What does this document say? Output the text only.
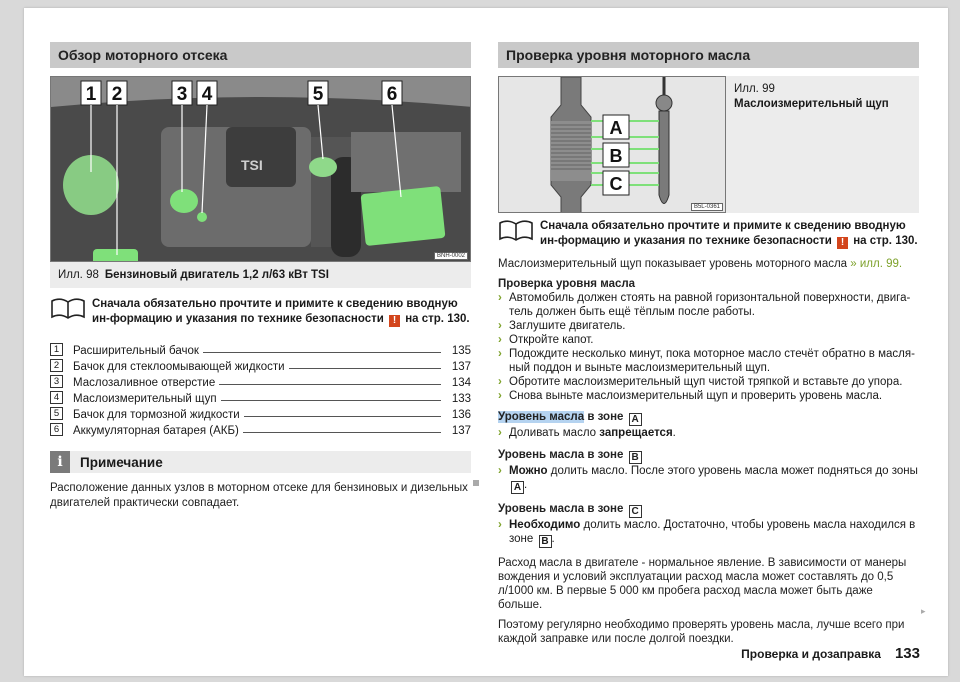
Обзор моторного отсека
TSI
1 2	3 4	5	6
BNH-0002
Илл. 98 Бензиновый двигатель 1,2 л/63 кВт TSI
Сначала обязательно прочтите и примите к сведению вводную ин-формацию и указания по технике безопасности ! на стр. 130.
1	Расширительный бачок	135
2	Бачок для стеклоомывающей жидкости	137
3	Маслозаливное отверстие	134
4	Маслоизмерительный щуп	133
5	Бачок для тормозной жидкости	136
6	Аккумуляторная батарея (АКБ)	137
i	Примечание
Расположение данных узлов в моторном отсеке для бензиновых и дизельных двигателей практически совпадает.
Проверка уровня моторного масла
A
B
C
B5L-0361
Илл. 99
Маслоизмерительный щуп
Сначала обязательно прочтите и примите к сведению вводную ин-формацию и указания по технике безопасности ! на стр. 130.
Маслоизмерительный щуп показывает уровень моторного масла » илл. 99.
Проверка уровня масла
› Автомобиль должен стоять на равной горизонтальной поверхности, двига-тель должен быть ещё тёплым после работы.
› Заглушите двигатель.
› Откройте капот.
› Подождите несколько минут, пока моторное масло стечёт обратно в масля-ный поддон и выньте маслоизмерительный щуп.
› Обротите маслоизмерительный щуп чистой тряпкой и вставьте до упора.
› Снова выньте маслоизмерительный щуп и проверить уровень масла.
Уровень масла в зоне A
› Доливать масло запрещается.
Уровень масла в зоне B
› Можно долить масло. После этого уровень масла может подняться до зоны A .
Уровень масла в зоне C
› Необходимо долить масло. Достаточно, чтобы уровень масла находился в зоне B .
Расход масла в двигателе - нормальное явление. В зависимости от манеры вождения и условий эксплуатации расход масла может составлять до 0,5 л/1000 км. В первые 5 000 км пробега расход масла может быть даже больше.
Поэтому регулярно необходимо проверять уровень масла, лучше всего при каждой заправке или после долгой поездки.
▸
Проверка и дозаправка 133
